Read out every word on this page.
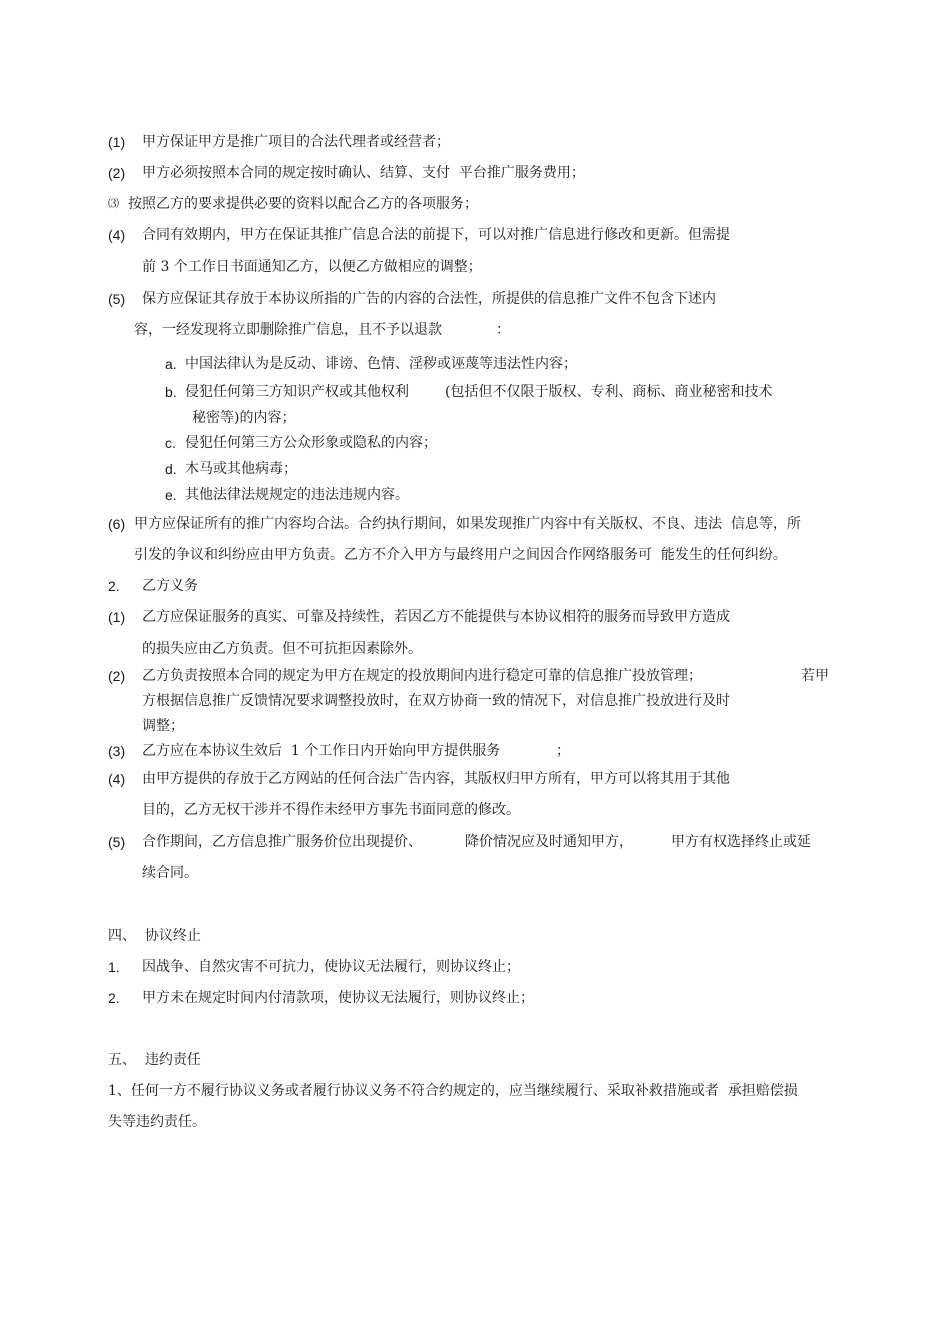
(1) 甲方保证甲方是推广项目的合法代理者或经营者；
(2) 甲方必须按照本合同的规定按时确认、结算、支付  平台推广服务费用；
⑶ 按照乙方的要求提供必要的资料以配合乙方的各项服务；
(4) 合同有效期内，甲方在保证其推广信息合法的前提下，可以对推广信息进行修改和更新。但需提
前 3 个工作日书面通知乙方，以便乙方做相应的调整；
(5) 保方应保证其存放于本协议所指的广告的内容的合法性，所提供的信息推广文件不包含下述内
容，一经发现将立即删除推广信息，且不予以退款	：
a. 中国法律认为是反动、诽谤、色情、淫秽或诬蔑等违法性内容；
b. 侵犯任何第三方知识产权或其他权利	(包括但不仅限于版权、专利、商标、商业秘密和技术
秘密等)的内容；
c. 侵犯任何第三方公众形象或隐私的内容；
d. 木马或其他病毒；
e. 其他法律法规规定的违法违规内容。
(6) 甲方应保证所有的推广内容均合法。合约执行期间，如果发现推广内容中有关版权、不良、违法  信息等，所
引发的争议和纠纷应由甲方负责。乙方不介入甲方与最终用户之间因合作网络服务可  能发生的任何纠纷。
2. 乙方义务
(1) 乙方应保证服务的真实、可靠及持续性，若因乙方不能提供与本协议相符的服务而导致甲方造成
的损失应由乙方负责。但不可抗拒因素除外。
(2) 乙方负责按照本合同的规定为甲方在规定的投放期间内进行稳定可靠的信息推广投放管理；	若甲
方根据信息推广反馈情况要求调整投放时，在双方协商一致的情况下，对信息推广投放进行及时
调整；
(3) 乙方应在本协议生效后  1 个工作日内开始向甲方提供服务	；
(4) 由甲方提供的存放于乙方网站的任何合法广告内容，其版权归甲方所有，甲方可以将其用于其他
目的，乙方无权干涉并不得作未经甲方事先书面同意的修改。
(5) 合作期间，乙方信息推广服务价位出现提价、	降价情况应及时通知甲方，	甲方有权选择终止或延
续合同。
四、  协议终止
1. 因战争、自然灾害不可抗力，使协议无法履行，则协议终止；
2. 甲方未在规定时间内付清款项，使协议无法履行，则协议终止；
五、  违约责任
1、任何一方不履行协议义务或者履行协议义务不符合约规定的，应当继续履行、采取补救措施或者  承担赔偿损
失等违约责任。
